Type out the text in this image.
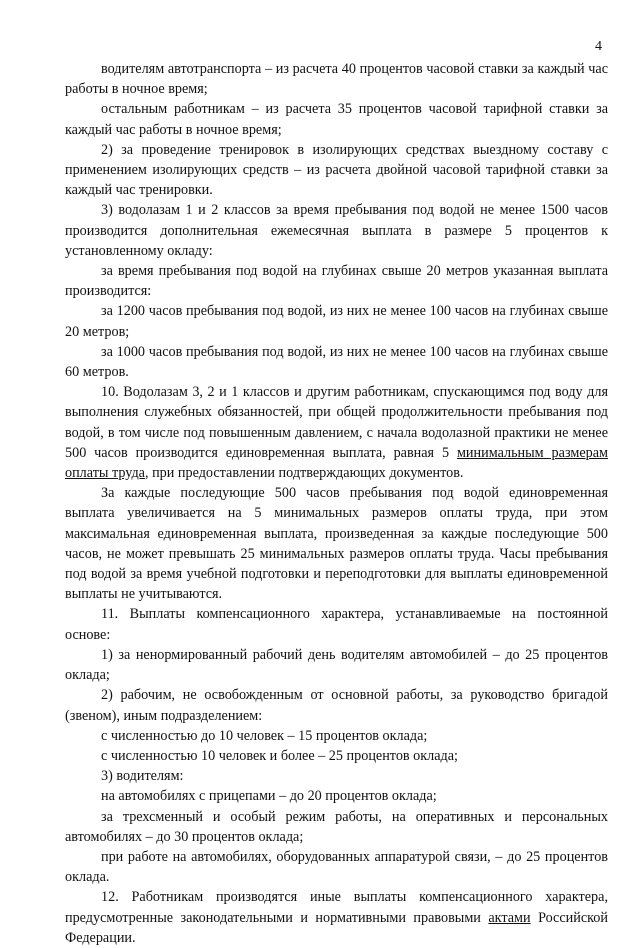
4

водителям автотранспорта – из расчета 40 процентов часовой ставки за каждый час работы в ночное время;

остальным работникам – из расчета 35 процентов часовой тарифной ставки за каждый час работы в ночное время;

2) за проведение тренировок в изолирующих средствах выездному составу с применением изолирующих средств – из расчета двойной часовой тарифной ставки за каждый час тренировки.

3) водолазам 1 и 2 классов за время пребывания под водой не менее 1500 часов производится дополнительная ежемесячная выплата в размере 5 процентов к установленному окладу:

за время пребывания под водой на глубинах свыше 20 метров указанная выплата производится:

за 1200 часов пребывания под водой, из них не менее 100 часов на глубинах свыше 20 метров;

за 1000 часов пребывания под водой, из них не менее 100 часов на глубинах свыше 60 метров.

10. Водолазам 3, 2 и 1 классов и другим работникам, спускающимся под воду для выполнения служебных обязанностей, при общей продолжительности пребывания под водой, в том числе под повышенным давлением, с начала водолазной практики не менее 500 часов производится единовременная выплата, равная 5 минимальным размерам оплаты труда, при предоставлении подтверждающих документов.

За каждые последующие 500 часов пребывания под водой единовременная выплата увеличивается на 5 минимальных размеров оплаты труда, при этом максимальная единовременная выплата, произведенная за каждые последующие 500 часов, не может превышать 25 минимальных размеров оплаты труда. Часы пребывания под водой за время учебной подготовки и переподготовки для выплаты единовременной выплаты не учитываются.

11. Выплаты компенсационного характера, устанавливаемые на постоянной основе:

1) за ненормированный рабочий день водителям автомобилей – до 25 процентов оклада;

2) рабочим, не освобожденным от основной работы, за руководство бригадой (звеном), иным подразделением:

с численностью до 10 человек – 15 процентов оклада;

с численностью 10 человек и более – 25 процентов оклада;

3) водителям:

на автомобилях с прицепами – до 20 процентов оклада;

за трехсменный и особый режим работы, на оперативных и персональных автомобилях – до 30 процентов оклада;

при работе на автомобилях, оборудованных аппаратурой связи, – до 25 процентов оклада.

12. Работникам производятся иные выплаты компенсационного характера, предусмотренные законодательными и нормативными правовыми актами Российской Федерации.
